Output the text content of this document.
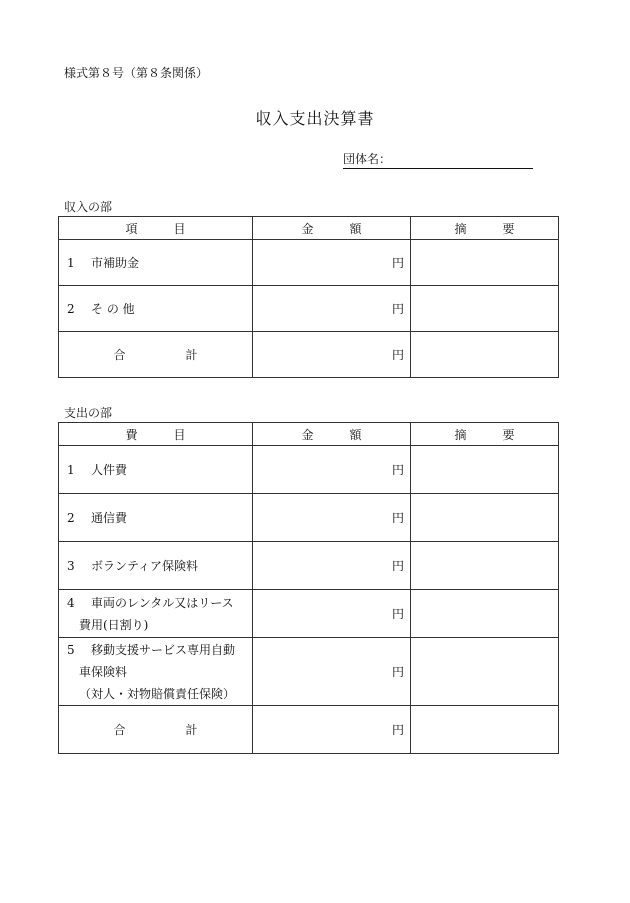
様式第８号（第８条関係）
収入支出決算書
団体名：
収入の部
項　目	金　額	摘　要
1 市補助金	円	
2 そ の 他	円	
合　計	円	
支出の部
費　目	金　額	摘　要
1 人件費	円	
2 通信費	円	
3 ボランティア保険料	円	

4 車両のレンタル又はリース
費用(日割り)	円	

5 移動支援サービス専用自動
車保険料
（対人・対物賠償責任保険）	円	
合　計	円	
